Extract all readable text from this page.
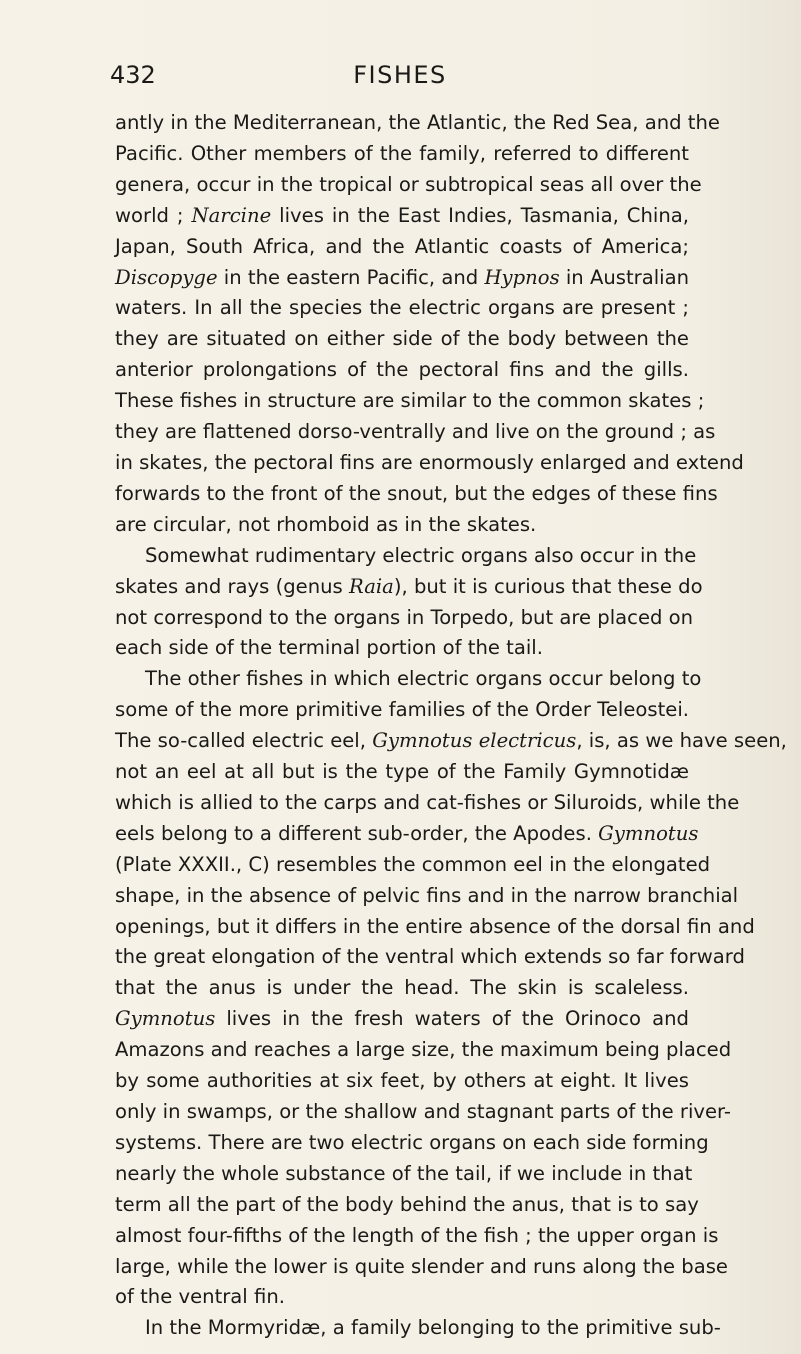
432	FISHES
antly in the Mediterranean, the Atlantic, the Red Sea, and the
Pacific. Other members of the family, referred to different
genera, occur in the tropical or subtropical seas all over the
world ; Narcine lives in the East Indies, Tasmania, China,
Japan, South Africa, and the Atlantic coasts of America;
Discopyge in the eastern Pacific, and Hypnos in Australian
waters. In all the species the electric organs are present ;
they are situated on either side of the body between the
anterior prolongations of the pectoral fins and the gills.
These fishes in structure are similar to the common skates ;
they are flattened dorso-ventrally and live on the ground ; as
in skates, the pectoral fins are enormously enlarged and extend
forwards to the front of the snout, but the edges of these fins
are circular, not rhomboid as in the skates.
Somewhat rudimentary electric organs also occur in the
skates and rays (genus Raia), but it is curious that these do
not correspond to the organs in Torpedo, but are placed on
each side of the terminal portion of the tail.
The other fishes in which electric organs occur belong to
some of the more primitive families of the Order Teleostei.
The so-called electric eel, Gymnotus electricus, is, as we have seen,
not an eel at all but is the type of the Family Gymnotidæ
which is allied to the carps and cat-fishes or Siluroids, while the
eels belong to a different sub-order, the Apodes. Gymnotus
(Plate XXXII., C) resembles the common eel in the elongated
shape, in the absence of pelvic fins and in the narrow branchial
openings, but it differs in the entire absence of the dorsal fin and
the great elongation of the ventral which extends so far forward
that the anus is under the head. The skin is scaleless.
Gymnotus lives in the fresh waters of the Orinoco and
Amazons and reaches a large size, the maximum being placed
by some authorities at six feet, by others at eight. It lives
only in swamps, or the shallow and stagnant parts of the river-
systems. There are two electric organs on each side forming
nearly the whole substance of the tail, if we include in that
term all the part of the body behind the anus, that is to say
almost four-fifths of the length of the fish ; the upper organ is
large, while the lower is quite slender and runs along the base
of the ventral fin.
In the Mormyridæ, a family belonging to the primitive sub-
